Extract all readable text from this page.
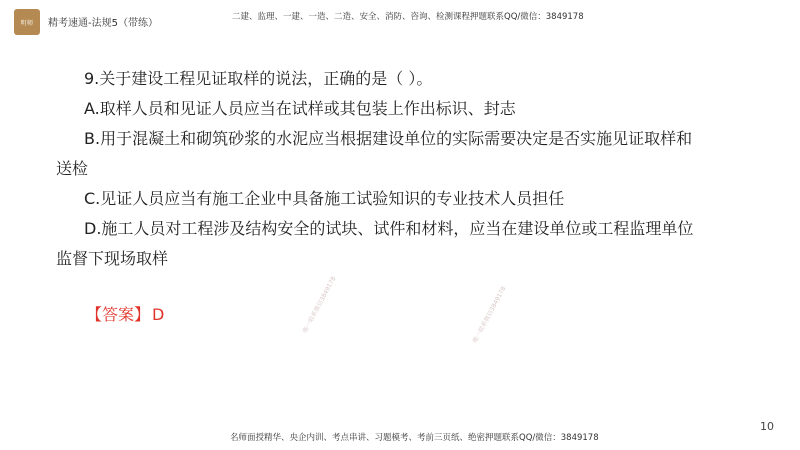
明师	精考速通-法规5（带练）
二建、监理、一建、一造、二造、安全、消防、咨询、检测课程押题联系QQ/微信：3849178

9.关于建设工程见证取样的说法，正确的是（ ）。

A.取样人员和见证人员应当在试样或其包装上作出标识、封志

B.用于混凝土和砌筑砂浆的水泥应当根据建设单位的实际需要决定是否实施见证取样和

送检

C.见证人员应当有施工企业中具备施工试验知识的专业技术人员担任

D.施工人员对工程涉及结构安全的试块、试件和材料，应当在建设单位或工程监理单位

监督下现场取样

【答案】 D	唯一联系微信3849178	唯一联系微信3849178
10
名师面授精华、央企内训、考点串讲、习题模考、考前三页纸、绝密押题联系QQ/微信：3849178
